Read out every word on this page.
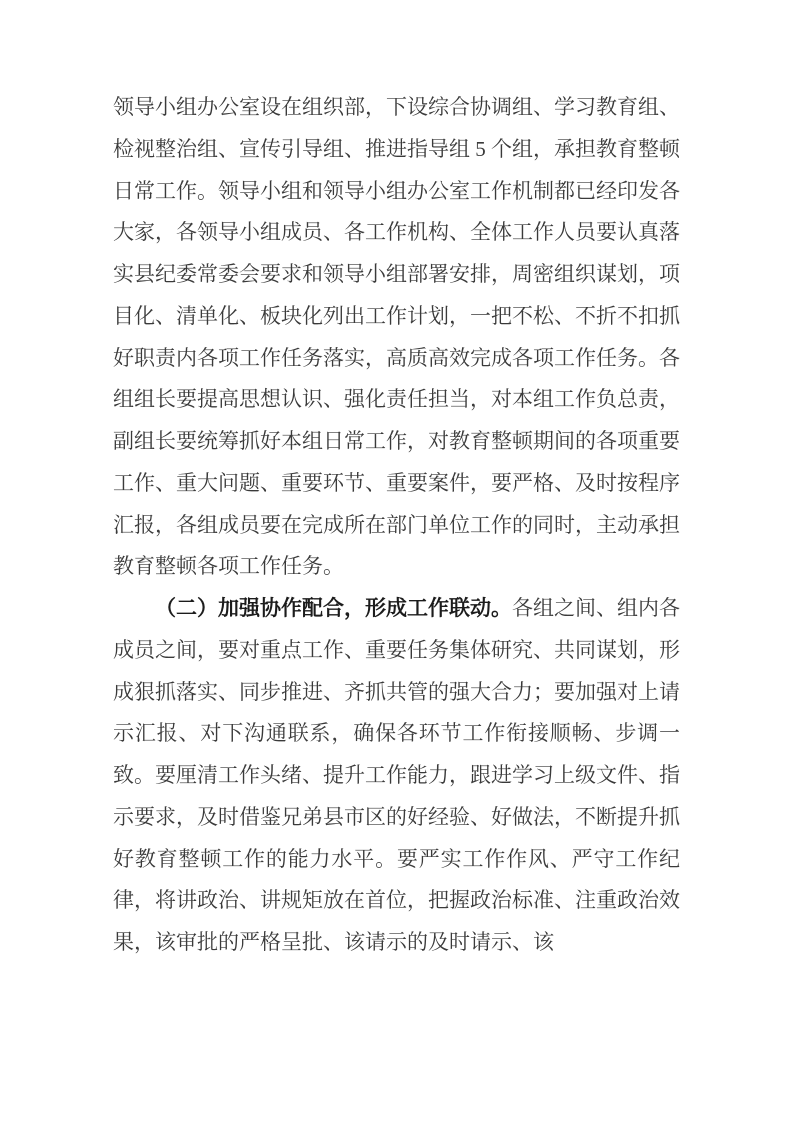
领导小组办公室设在组织部，下设综合协调组、学习教育组、检视整治组、宣传引导组、推进指导组 5 个组，承担教育整顿日常工作。领导小组和领导小组办公室工作机制都已经印发各大家，各领导小组成员、各工作机构、全体工作人员要认真落实县纪委常委会要求和领导小组部署安排，周密组织谋划，项目化、清单化、板块化列出工作计划，一把不松、不折不扣抓好职责内各项工作任务落实，高质高效完成各项工作任务。各组组长要提高思想认识、强化责任担当，对本组工作负总责，副组长要统筹抓好本组日常工作，对教育整顿期间的各项重要工作、重大问题、重要环节、重要案件，要严格、及时按程序汇报，各组成员要在完成所在部门单位工作的同时，主动承担教育整顿各项工作任务。

（二）加强协作配合，形成工作联动。各组之间、组内各成员之间，要对重点工作、重要任务集体研究、共同谋划，形成狠抓落实、同步推进、齐抓共管的强大合力；要加强对上请示汇报、对下沟通联系，确保各环节工作衔接顺畅、步调一致。要厘清工作头绪、提升工作能力，跟进学习上级文件、指示要求，及时借鉴兄弟县市区的好经验、好做法，不断提升抓好教育整顿工作的能力水平。要严实工作作风、严守工作纪律，将讲政治、讲规矩放在首位，把握政治标准、注重政治效果，该审批的严格呈批、该请示的及时请示、该
